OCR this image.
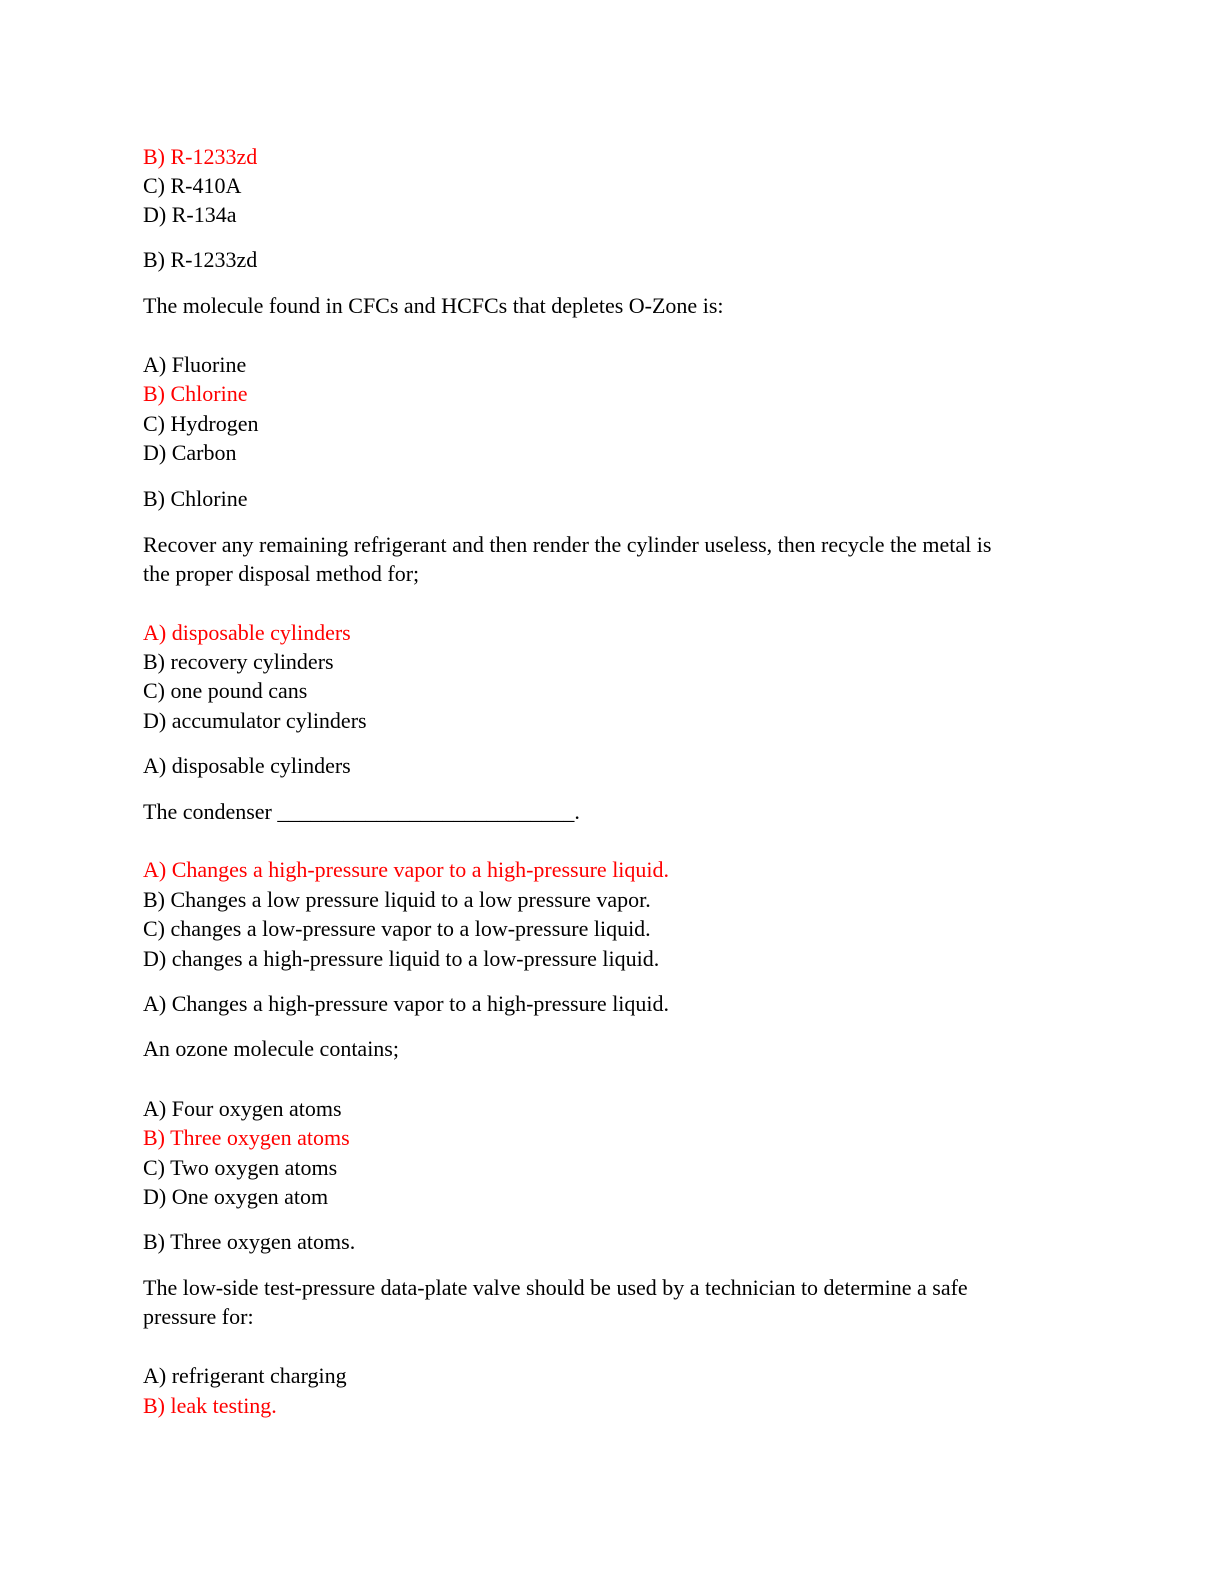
B) R-1233zd
C) R-410A
D) R-134a
B) R-1233zd
The molecule found in CFCs and HCFCs that depletes O-Zone is:
A) Fluorine
B) Chlorine
C) Hydrogen
D) Carbon
B) Chlorine
Recover any remaining refrigerant and then render the cylinder useless, then recycle the metal is
the proper disposal method for;
A) disposable cylinders
B) recovery cylinders
C) one pound cans
D) accumulator cylinders
A) disposable cylinders
The condenser ___________________________.
A) Changes a high-pressure vapor to a high-pressure liquid.
B) Changes a low pressure liquid to a low pressure vapor.
C) changes a low-pressure vapor to a low-pressure liquid.
D) changes a high-pressure liquid to a low-pressure liquid.
A) Changes a high-pressure vapor to a high-pressure liquid.
An ozone molecule contains;
A) Four oxygen atoms
B) Three oxygen atoms
C) Two oxygen atoms
D) One oxygen atom
B) Three oxygen atoms.
The low-side test-pressure data-plate valve should be used by a technician to determine a safe
pressure for:
A) refrigerant charging
B) leak testing.
